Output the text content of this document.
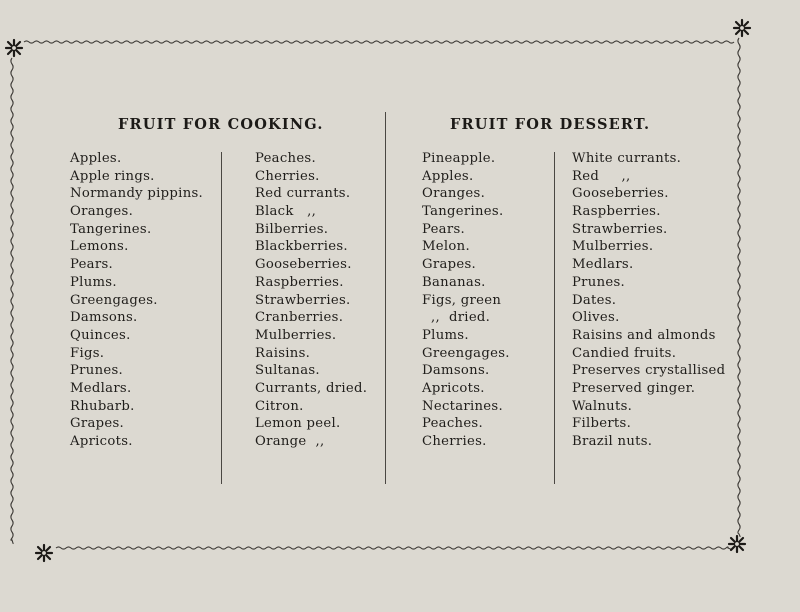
FRUIT FOR COOKING.	FRUIT FOR DESSERT.
Apples.
Apple rings.
Normandy pippins.
Oranges.
Tangerines.
Lemons.
Pears.
Plums.
Greengages.
Damsons.
Quinces.
Figs.
Prunes.
Medlars.
Rhubarb.
Grapes.
Apricots.
Peaches.
Cherries.
Red currants.
Black   ,,
Bilberries.
Blackberries.
Gooseberries.
Raspberries.
Strawberries.
Cranberries.
Mulberries.
Raisins.
Sultanas.
Currants, dried.
Citron.
Lemon peel.
Orange  ,,
Pineapple.
Apples.
Oranges.
Tangerines.
Pears.
Melon.
Grapes.
Bananas.
Figs, green
,,  dried.
Plums.
Greengages.
Damsons.
Apricots.
Nectarines.
Peaches.
Cherries.
White currants.
Red     ,,
Gooseberries.
Raspberries.
Strawberries.
Mulberries.
Medlars.
Prunes.
Dates.
Olives.
Raisins and almonds
Candied fruits.
Preserves crystallised
Preserved ginger.
Walnuts.
Filberts.
Brazil nuts.
